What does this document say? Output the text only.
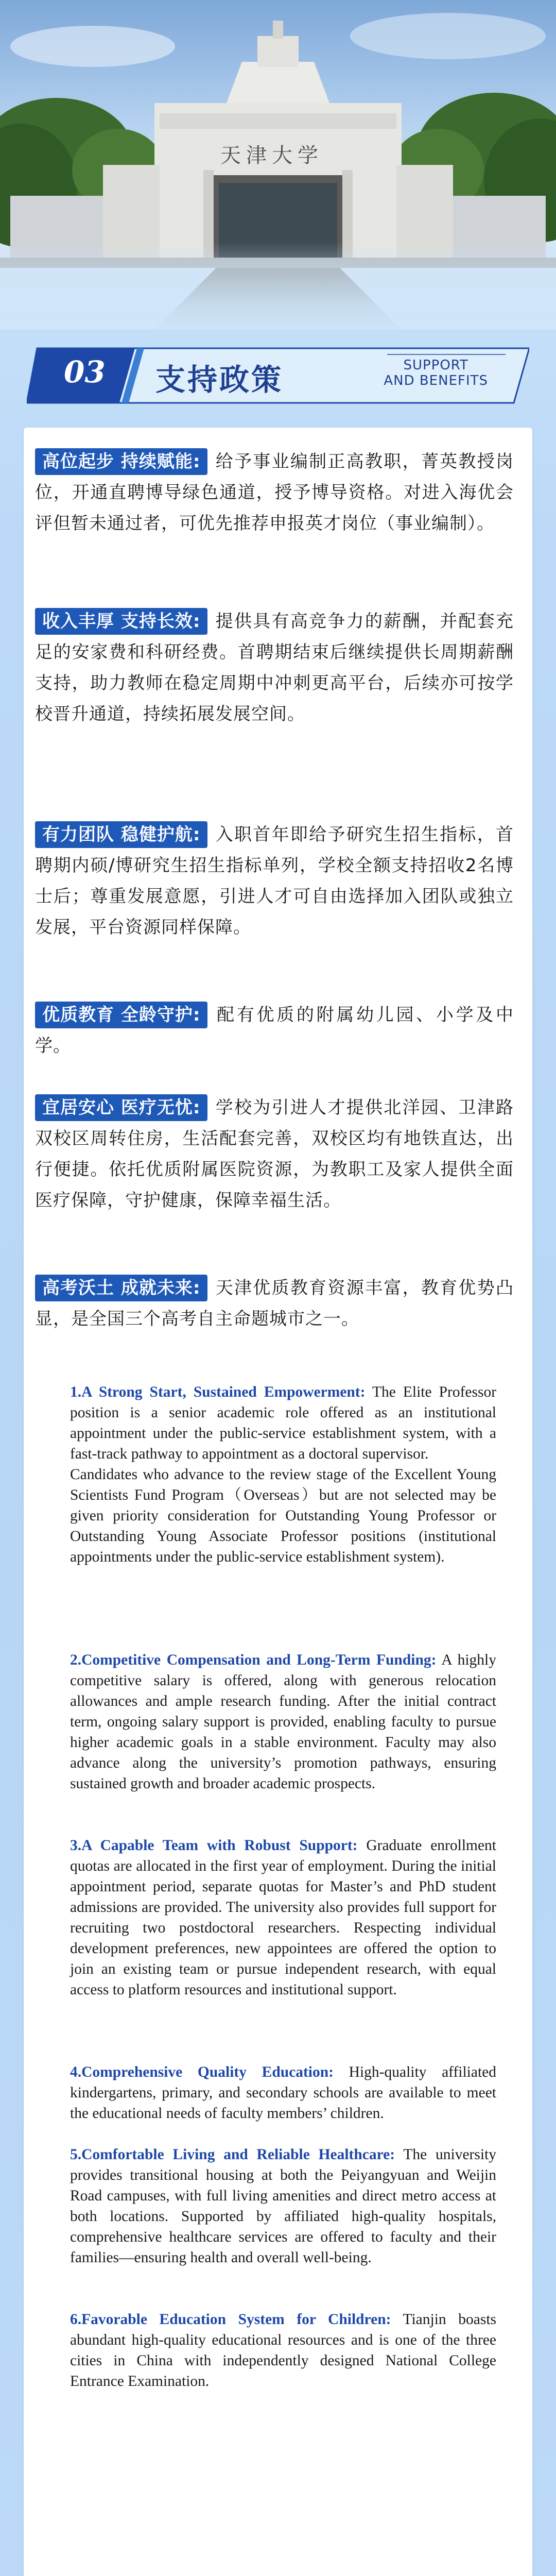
天津大学
03 支持政策	SUPPORT
AND BENEFITS
高位起步 持续赋能: 给予事业编制正高教职，菁英教授岗位，开通直聘博导绿色通道，授予博导资格。对进入海优会评但暂未通过者，可优先推荐申报英才岗位（事业编制）。
收入丰厚 支持长效: 提供具有高竞争力的薪酬，并配套充足的安家费和科研经费。首聘期结束后继续提供长周期薪酬支持，助力教师在稳定周期中冲刺更高平台，后续亦可按学校晋升通道，持续拓展发展空间。
有力团队 稳健护航: 入职首年即给予研究生招生指标，首聘期内硕/博研究生招生指标单列，学校全额支持招收2名博士后；尊重发展意愿，引进人才可自由选择加入团队或独立发展，平台资源同样保障。
优质教育 全龄守护: 配有优质的附属幼儿园、小学及中学。
宜居安心 医疗无忧: 学校为引进人才提供北洋园、卫津路双校区周转住房，生活配套完善，双校区均有地铁直达，出行便捷。依托优质附属医院资源，为教职工及家人提供全面医疗保障，守护健康，保障幸福生活。
高考沃土 成就未来: 天津优质教育资源丰富，教育优势凸显，是全国三个高考自主命题城市之一。

1.A Strong Start, Sustained Empowerment: The Elite Professor position is a senior academic role offered as an institutional appointment under the public-service establishment system, with a fast-track pathway to appointment as a doctoral supervisor.

Candidates who advance to the review stage of the Excellent Young Scientists Fund Program（Overseas）but are not selected may be given priority consideration for Outstanding Young Professor or Outstanding Young Associate Professor positions (institutional appointments under the public-service establishment system).

2.Competitive Compensation and Long-Term Funding: A highly competitive salary is offered, along with generous relocation allowances and ample research funding. After the initial contract term, ongoing salary support is provided, enabling faculty to pursue higher academic goals in a stable environment. Faculty may also advance along the university’s promotion pathways, ensuring sustained growth and broader academic prospects.

3.A Capable Team with Robust Support: Graduate enrollment quotas are allocated in the first year of employment. During the initial appointment period, separate quotas for Master’s and PhD student admissions are provided. The university also provides full support for recruiting two postdoctoral researchers. Respecting individual development preferences, new appointees are offered the option to join an existing team or pursue independent research, with equal access to platform resources and institutional support.

4.Comprehensive Quality Education: High-quality affiliated kindergartens, primary, and secondary schools are available to meet the educational needs of faculty members’ children.

5.Comfortable Living and Reliable Healthcare: The university provides transitional housing at both the Peiyangyuan and Weijin Road campuses, with full living amenities and direct metro access at both locations. Supported by affiliated high-quality hospitals, comprehensive healthcare services are offered to faculty and their families—ensuring health and overall well-being.

6.Favorable Education System for Children: Tianjin boasts abundant high-quality educational resources and is one of the three cities in China with independently designed National College Entrance Examination.
